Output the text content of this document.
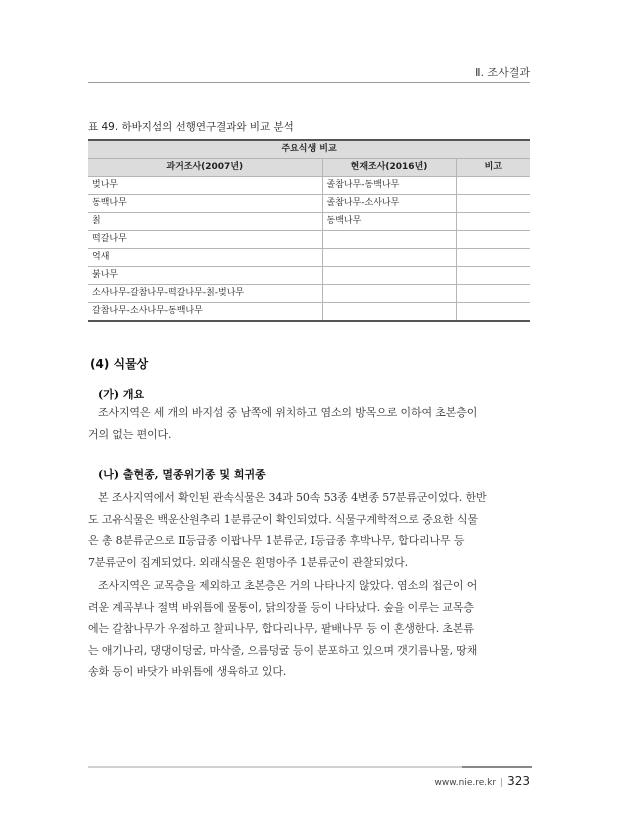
Ⅱ. 조사결과
표 49. 하바지섬의 선행연구결과와 비교 분석
주요식생 비교		
과거조사(2007년)	현재조사(2016년)	비고
벚나무	졸참나무-동백나무	
동백나무	졸참나무-소사나무	
칡	동백나무	
떡갈나무		
억새		
붉나무		
소사나무-갈참나무-떡갈나무-칡-벚나무		
갈참나무-소사나무-동백나무		
(4) 식물상
(가) 개요
조사지역은 세 개의 바지섬 중 남쪽에 위치하고 염소의 방목으로 이하여 초본층이
거의 없는 편이다.
(나) 출현종, 멸종위기종 및 희귀종
본 조사지역에서 확인된 관속식물은 34과 50속 53종 4변종 57분류군이었다. 한반
도 고유식물은 백운산원추리 1분류군이 확인되었다. 식물구계학적으로 중요한 식물
은 총 8분류군으로 Ⅱ등급종 이팝나무 1분류군, Ⅰ등급종 후박나무, 합다리나무 등
7분류군이 집계되었다. 외래식물은 흰명아주 1분류군이 관찰되었다.
조사지역은 교목층을 제외하고 초본층은 거의 나타나지 않았다. 염소의 접근이 어
려운 계곡부나 절벽 바위틈에 물통이, 닭의장풀 등이 나타났다. 숲을 이루는 교목층
에는 갈참나무가 우점하고 찰피나무, 합다리나무, 팥배나무 등 이 혼생한다. 초본류
는 애기나리, 댕댕이덩굴, 마삭줄, 으름덩굴 등이 분포하고 있으며 갯기름나물, 땅채
송화 등이 바닷가 바위틈에 생육하고 있다.
www.nie.re.kr | 323
